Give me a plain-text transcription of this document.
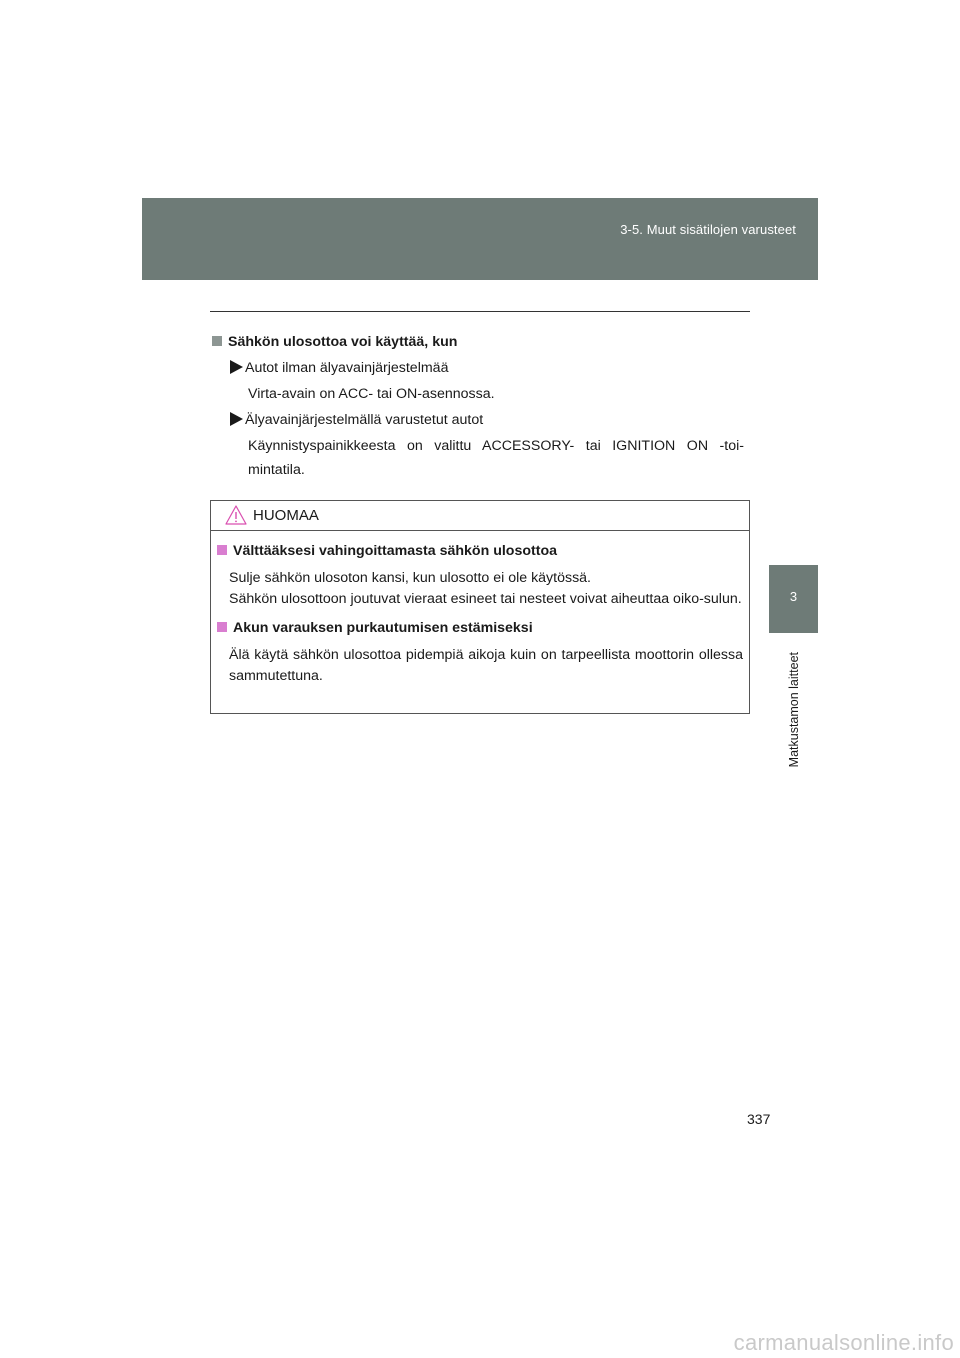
3-5. Muut sisätilojen varusteet
3
Matkustamon laitteet
Sähkön ulosottoa voi käyttää, kun
Autot ilman älyavainjärjestelmää
Virta-avain on ACC- tai ON-asennossa.
Älyavainjärjestelmällä varustetut autot
Käynnistyspainikkeesta on valittu ACCESSORY- tai IGNITION ON -toi-mintatila.
HUOMAA
Välttääksesi vahingoittamasta sähkön ulosottoa
Sulje sähkön ulosoton kansi, kun ulosotto ei ole käytössä.
Sähkön ulosottoon joutuvat vieraat esineet tai nesteet voivat aiheuttaa oiko-sulun.
Akun varauksen purkautumisen estämiseksi
Älä käytä sähkön ulosottoa pidempiä aikoja kuin on tarpeellista moottorin ollessa sammutettuna.
337
carmanualsonline.info
